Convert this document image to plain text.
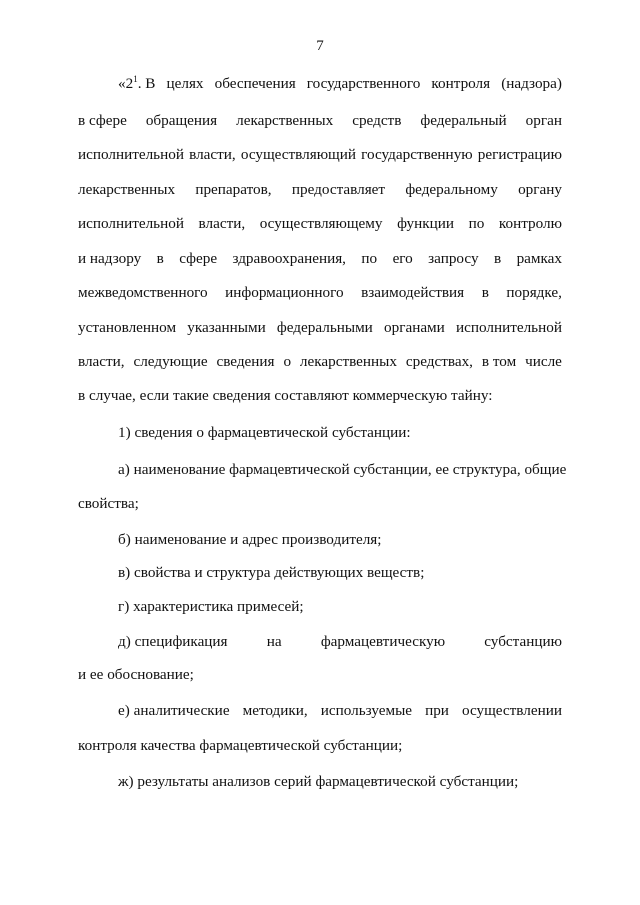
7
«$2^1$. В целях обеспечения государственного контроля (надзора)
в сфере обращения лекарственных средств федеральный орган
исполнительной власти, осуществляющий государственную регистрацию
лекарственных препаратов, предоставляет федеральному органу
исполнительной власти, осуществляющему функции по контролю
и надзору в сфере здравоохранения, по его запросу в рамках
межведомственного информационного взаимодействия в порядке,
установленном указанными федеральными органами исполнительной
власти, следующие сведения о лекарственных средствах, в том числе
в случае, если такие сведения составляют коммерческую тайну:
1) сведения о фармацевтической субстанции:
а) наименование фармацевтической субстанции, ее структура, общие
свойства;
б) наименование и адрес производителя;
в) свойства и структура действующих веществ;
г) характеристика примесей;
д) спецификация	на	фармацевтическую	субстанцию
и ее обоснование;
е) аналитические методики, используемые при осуществлении
контроля качества фармацевтической субстанции;
ж) результаты анализов серий фармацевтической субстанции;
